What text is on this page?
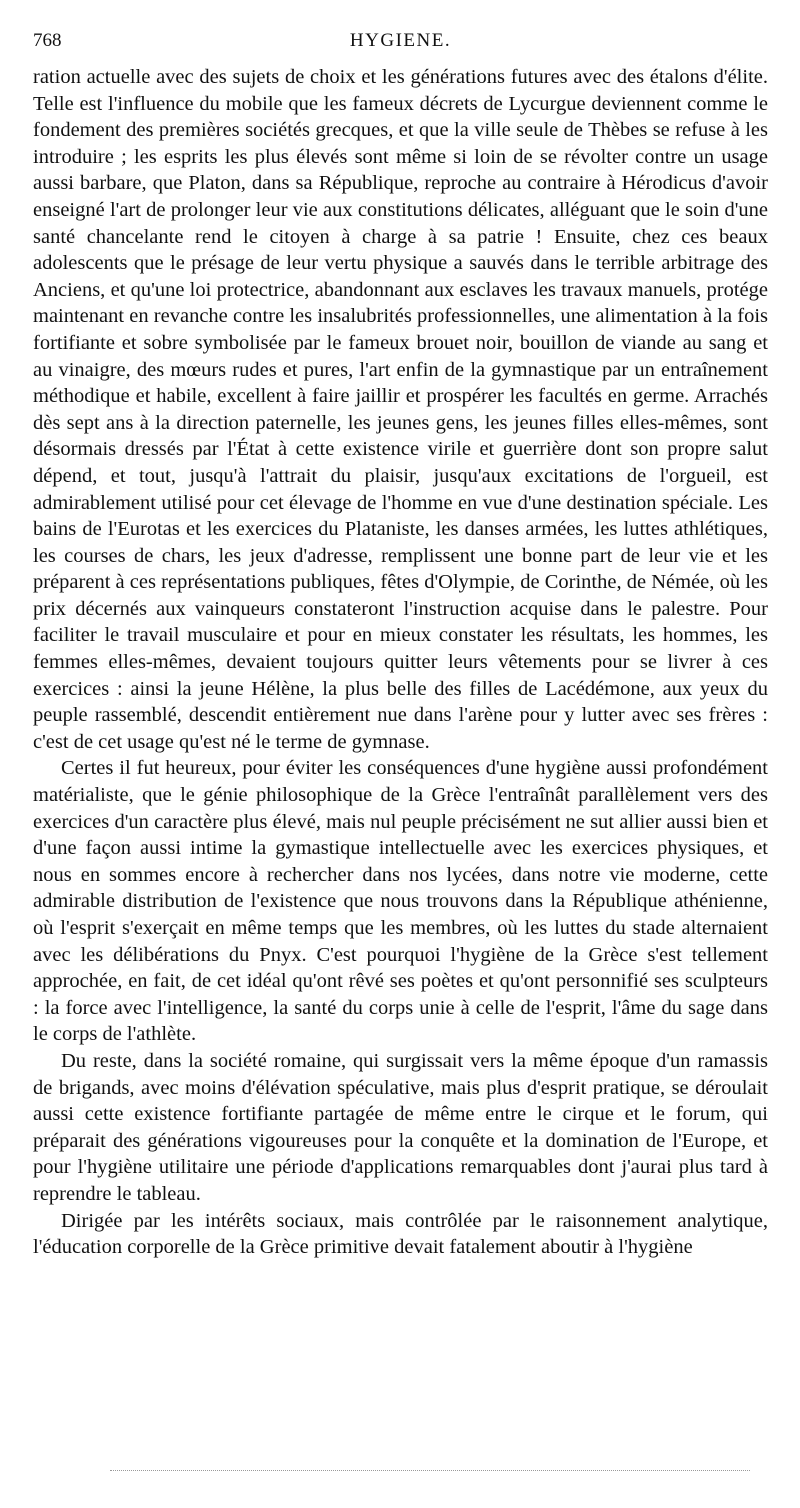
768	HYGIENE.

ration actuelle avec des sujets de choix et les générations futures avec des étalons d'élite. Telle est l'influence du mobile que les fameux décrets de Lycurgue deviennent comme le fondement des premières sociétés grecques, et que la ville seule de Thèbes se refuse à les introduire ; les esprits les plus élevés sont même si loin de se révolter contre un usage aussi barbare, que Platon, dans sa République, reproche au contraire à Hérodicus d'avoir enseigné l'art de prolonger leur vie aux constitutions délicates, alléguant que le soin d'une santé chancelante rend le citoyen à charge à sa patrie ! Ensuite, chez ces beaux adolescents que le présage de leur vertu physique a sauvés dans le terrible arbitrage des Anciens, et qu'une loi protectrice, abandonnant aux esclaves les travaux manuels, protége maintenant en revanche contre les insalubrités professionnelles, une alimentation à la fois fortifiante et sobre symbolisée par le fameux brouet noir, bouillon de viande au sang et au vinaigre, des mœurs rudes et pures, l'art enfin de la gymnastique par un entraînement méthodique et habile, excellent à faire jaillir et prospérer les facultés en germe. Arrachés dès sept ans à la direction paternelle, les jeunes gens, les jeunes filles elles-mêmes, sont désormais dressés par l'État à cette existence virile et guerrière dont son propre salut dépend, et tout, jusqu'à l'attrait du plaisir, jusqu'aux excitations de l'orgueil, est admirablement utilisé pour cet élevage de l'homme en vue d'une destination spéciale. Les bains de l'Eurotas et les exercices du Plataniste, les danses armées, les luttes athlétiques, les courses de chars, les jeux d'adresse, remplissent une bonne part de leur vie et les préparent à ces représentations publiques, fêtes d'Olympie, de Corinthe, de Némée, où les prix décernés aux vainqueurs constateront l'instruction acquise dans le palestre. Pour faciliter le travail musculaire et pour en mieux constater les résultats, les hommes, les femmes elles-mêmes, devaient toujours quitter leurs vêtements pour se livrer à ces exercices : ainsi la jeune Hélène, la plus belle des filles de Lacédémone, aux yeux du peuple rassemblé, descendit entièrement nue dans l'arène pour y lutter avec ses frères : c'est de cet usage qu'est né le terme de gymnase.

Certes il fut heureux, pour éviter les conséquences d'une hygiène aussi profondément matérialiste, que le génie philosophique de la Grèce l'entraînât parallèlement vers des exercices d'un caractère plus élevé, mais nul peuple précisément ne sut allier aussi bien et d'une façon aussi intime la gymastique intellectuelle avec les exercices physiques, et nous en sommes encore à rechercher dans nos lycées, dans notre vie moderne, cette admirable distribution de l'existence que nous trouvons dans la République athénienne, où l'esprit s'exerçait en même temps que les membres, où les luttes du stade alternaient avec les délibérations du Pnyx. C'est pourquoi l'hygiène de la Grèce s'est tellement approchée, en fait, de cet idéal qu'ont rêvé ses poètes et qu'ont personnifié ses sculpteurs : la force avec l'intelligence, la santé du corps unie à celle de l'esprit, l'âme du sage dans le corps de l'athlète.

Du reste, dans la société romaine, qui surgissait vers la même époque d'un ramassis de brigands, avec moins d'élévation spéculative, mais plus d'esprit pratique, se déroulait aussi cette existence fortifiante partagée de même entre le cirque et le forum, qui préparait des générations vigoureuses pour la conquête et la domination de l'Europe, et pour l'hygiène utilitaire une période d'applications remarquables dont j'aurai plus tard à reprendre le tableau.

Dirigée par les intérêts sociaux, mais contrôlée par le raisonnement analytique, l'éducation corporelle de la Grèce primitive devait fatalement aboutir à l'hygiène
